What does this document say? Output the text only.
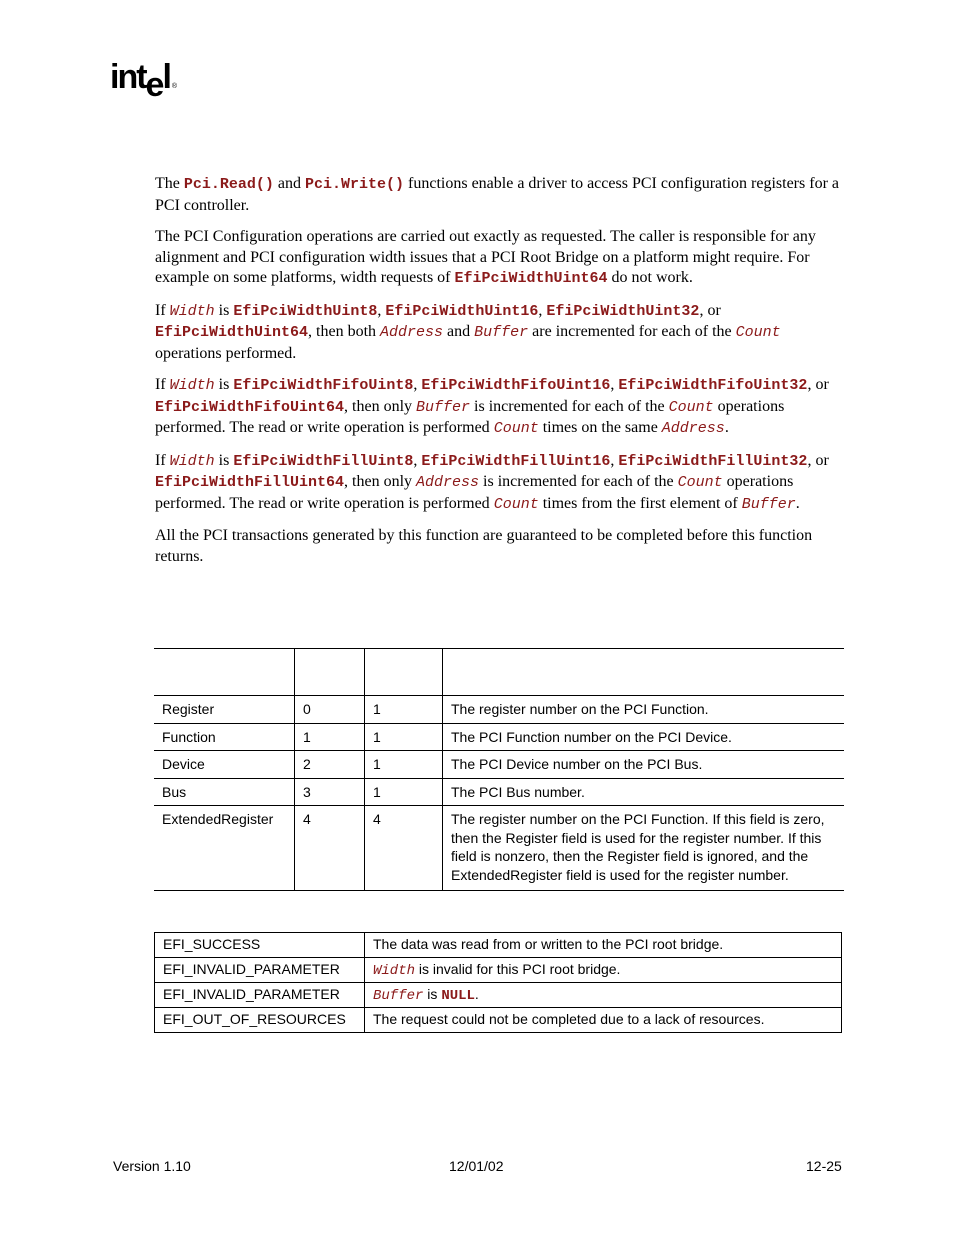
intel ®

The Pci.Read() and Pci.Write() functions enable a driver to access PCI configuration registers for a PCI controller.

The PCI Configuration operations are carried out exactly as requested. The caller is responsible for any alignment and PCI configuration width issues that a PCI Root Bridge on a platform might require. For example on some platforms, width requests of EfiPciWidthUint64 do not work.

If Width is EfiPciWidthUint8, EfiPciWidthUint16, EfiPciWidthUint32, or EfiPciWidthUint64, then both Address and Buffer are incremented for each of the Count operations performed.

If Width is EfiPciWidthFifoUint8, EfiPciWidthFifoUint16, EfiPciWidthFifoUint32, or EfiPciWidthFifoUint64, then only Buffer is incremented for each of the Count operations performed. The read or write operation is performed Count times on the same Address.

If Width is EfiPciWidthFillUint8, EfiPciWidthFillUint16, EfiPciWidthFillUint32, or EfiPciWidthFillUint64, then only Address is incremented for each of the Count operations performed. The read or write operation is performed Count times from the first element of Buffer.

All the PCI transactions generated by this function are guaranteed to be completed before this function returns.

Register	0	1	The register number on the PCI Function.
Function	1	1	The PCI Function number on the PCI Device.
Device	2	1	The PCI Device number on the PCI Bus.
Bus	3	1	The PCI Bus number.
ExtendedRegister	4	4	The register number on the PCI Function. If this field is zero, then the Register field is used for the register number. If this field is nonzero, then the Register field is ignored, and the ExtendedRegister field is used for the register number.
EFI_SUCCESS	The data was read from or written to the PCI root bridge.
EFI_INVALID_PARAMETER	Width is invalid for this PCI root bridge.
EFI_INVALID_PARAMETER	Buffer is NULL.
EFI_OUT_OF_RESOURCES	The request could not be completed due to a lack of resources.
Version 1.10	12/01/02	12-25
